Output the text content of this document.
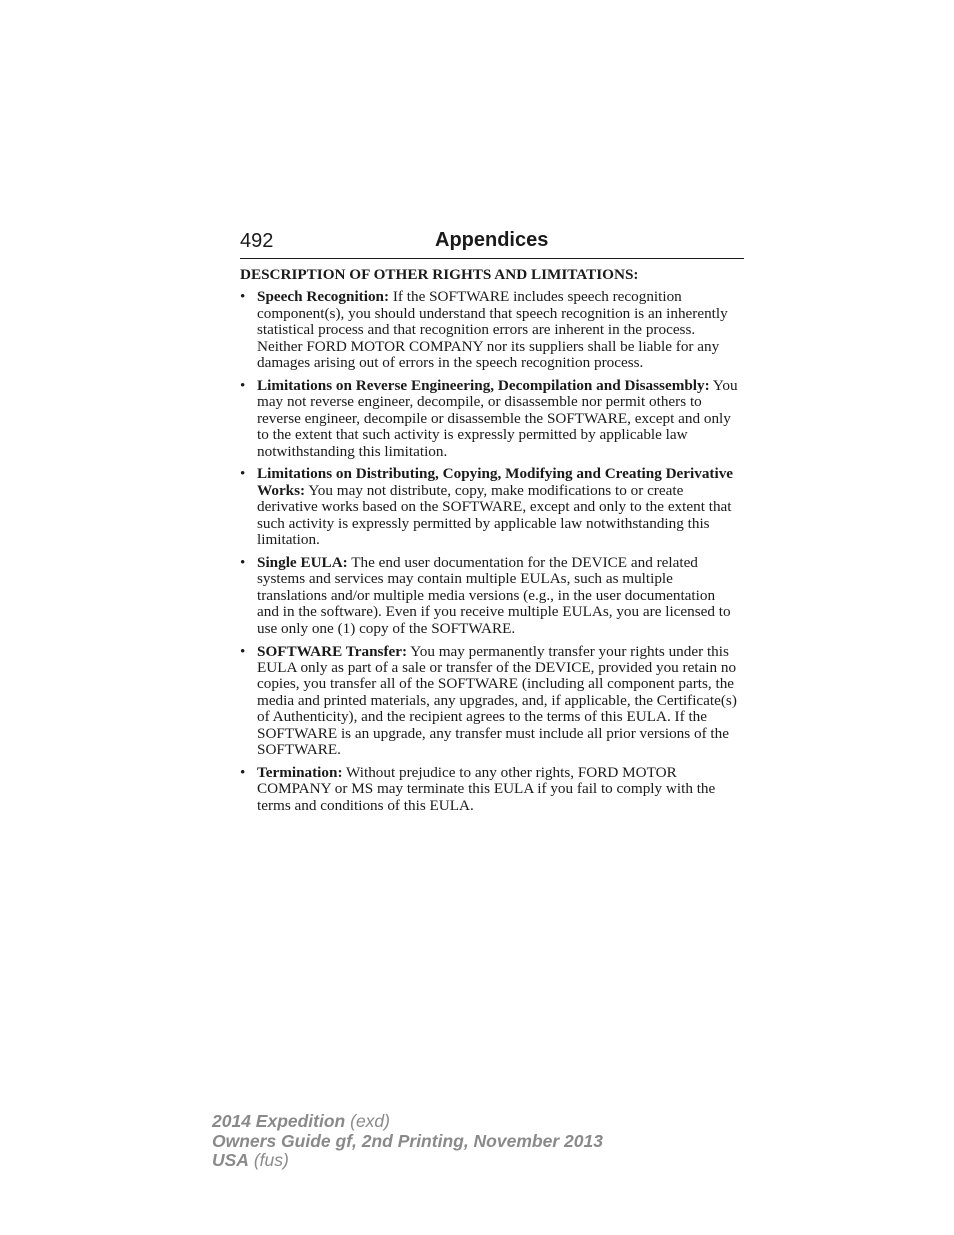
492	Appendices
DESCRIPTION OF OTHER RIGHTS AND LIMITATIONS:
• Speech Recognition: If the SOFTWARE includes speech recognition component(s), you should understand that speech recognition is an inherently statistical process and that recognition errors are inherent in the process. Neither FORD MOTOR COMPANY nor its suppliers shall be liable for any damages arising out of errors in the speech recognition process.
• Limitations on Reverse Engineering, Decompilation and Disassembly: You may not reverse engineer, decompile, or disassemble nor permit others to reverse engineer, decompile or disassemble the SOFTWARE, except and only to the extent that such activity is expressly permitted by applicable law notwithstanding this limitation.
• Limitations on Distributing, Copying, Modifying and Creating Derivative Works: You may not distribute, copy, make modifications to or create derivative works based on the SOFTWARE, except and only to the extent that such activity is expressly permitted by applicable law notwithstanding this limitation.
• Single EULA: The end user documentation for the DEVICE and related systems and services may contain multiple EULAs, such as multiple translations and/or multiple media versions (e.g., in the user documentation and in the software). Even if you receive multiple EULAs, you are licensed to use only one (1) copy of the SOFTWARE.
• SOFTWARE Transfer: You may permanently transfer your rights under this EULA only as part of a sale or transfer of the DEVICE, provided you retain no copies, you transfer all of the SOFTWARE (including all component parts, the media and printed materials, any upgrades, and, if applicable, the Certificate(s) of Authenticity), and the recipient agrees to the terms of this EULA. If the SOFTWARE is an upgrade, any transfer must include all prior versions of the SOFTWARE.
• Termination: Without prejudice to any other rights, FORD MOTOR COMPANY or MS may terminate this EULA if you fail to comply with the terms and conditions of this EULA.
2014 Expedition (exd)
Owners Guide gf, 2nd Printing, November 2013
USA (fus)
